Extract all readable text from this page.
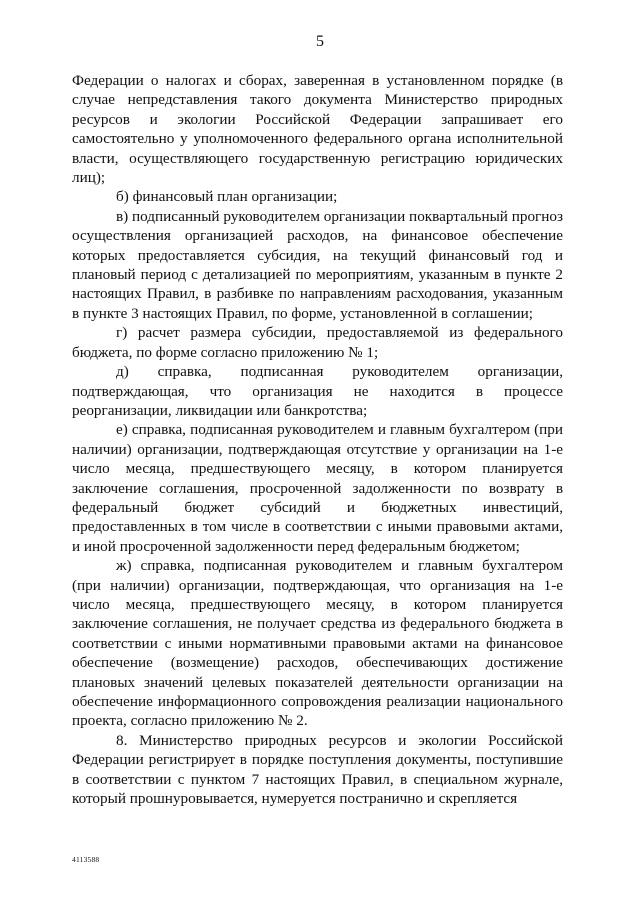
5

Федерации о налогах и сборах, заверенная в установленном порядке (в случае непредставления такого документа Министерство природных ресурсов и экологии Российской Федерации запрашивает его самостоятельно у уполномоченного федерального органа исполнительной власти, осуществляющего государственную регистрацию юридических лиц);

б) финансовый план организации;

в) подписанный руководителем организации поквартальный прогноз осуществления организацией расходов, на финансовое обеспечение которых предоставляется субсидия, на текущий финансовый год и плановый период с детализацией по мероприятиям, указанным в пункте 2 настоящих Правил, в разбивке по направлениям расходования, указанным в пункте 3 настоящих Правил, по форме, установленной в соглашении;

г) расчет размера субсидии, предоставляемой из федерального бюджета, по форме согласно приложению № 1;

д) справка, подписанная руководителем организации, подтверждающая, что организация не находится в процессе реорганизации, ликвидации или банкротства;

е) справка, подписанная руководителем и главным бухгалтером (при наличии) организации, подтверждающая отсутствие у организации на 1-е число месяца, предшествующего месяцу, в котором планируется заключение соглашения, просроченной задолженности по возврату в федеральный бюджет субсидий и бюджетных инвестиций, предоставленных в том числе в соответствии с иными правовыми актами, и иной просроченной задолженности перед федеральным бюджетом;

ж) справка, подписанная руководителем и главным бухгалтером (при наличии) организации, подтверждающая, что организация на 1-е число месяца, предшествующего месяцу, в котором планируется заключение соглашения, не получает средства из федерального бюджета в соответствии с иными нормативными правовыми актами на финансовое обеспечение (возмещение) расходов, обеспечивающих достижение плановых значений целевых показателей деятельности организации на обеспечение информационного сопровождения реализации национального проекта, согласно приложению № 2.

8. Министерство природных ресурсов и экологии Российской Федерации регистрирует в порядке поступления документы, поступившие в соответствии с пунктом 7 настоящих Правил, в специальном журнале, который прошнуровывается, нумеруется постранично и скрепляется

4113588
